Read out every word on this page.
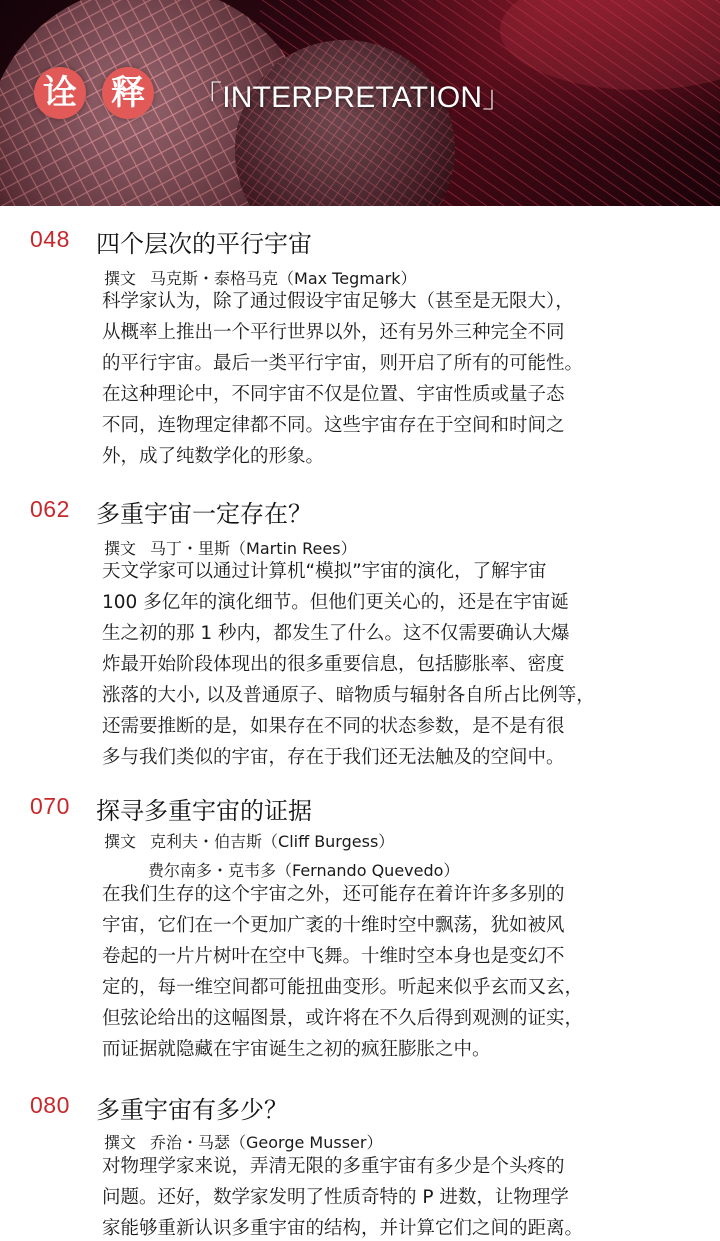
诠 释	「INTERPRETATION」
048 四个层次的平行宇宙
撰文 马克斯・泰格马克（Max Tegmark）
科学家认为，除了通过假设宇宙足够大（甚至是无限大），
从概率上推出一个平行世界以外，还有另外三种完全不同
的平行宇宙。最后一类平行宇宙，则开启了所有的可能性。
在这种理论中，不同宇宙不仅是位置、宇宙性质或量子态
不同，连物理定律都不同。这些宇宙存在于空间和时间之
外，成了纯数学化的形象。
062 多重宇宙一定存在？
撰文 马丁・里斯（Martin Rees）
天文学家可以通过计算机“模拟”宇宙的演化，了解宇宙
100 多亿年的演化细节。但他们更关心的，还是在宇宙诞
生之初的那 1 秒内，都发生了什么。这不仅需要确认大爆
炸最开始阶段体现出的很多重要信息，包括膨胀率、密度
涨落的大小, 以及普通原子、暗物质与辐射各自所占比例等，
还需要推断的是，如果存在不同的状态参数，是不是有很
多与我们类似的宇宙，存在于我们还无法触及的空间中。
070 探寻多重宇宙的证据
撰文 克利夫・伯吉斯（Cliff Burgess）
费尔南多・克韦多（Fernando Quevedo）
在我们生存的这个宇宙之外，还可能存在着许许多多别的
宇宙，它们在一个更加广袤的十维时空中飘荡，犹如被风
卷起的一片片树叶在空中飞舞。十维时空本身也是变幻不
定的，每一维空间都可能扭曲变形。听起来似乎玄而又玄，
但弦论给出的这幅图景，或许将在不久后得到观测的证实，
而证据就隐藏在宇宙诞生之初的疯狂膨胀之中。
080 多重宇宙有多少？
撰文 乔治・马瑟（George Musser）
对物理学家来说，弄清无限的多重宇宙有多少是个头疼的
问题。还好，数学家发明了性质奇特的 P 进数，让物理学
家能够重新认识多重宇宙的结构，并计算它们之间的距离。
